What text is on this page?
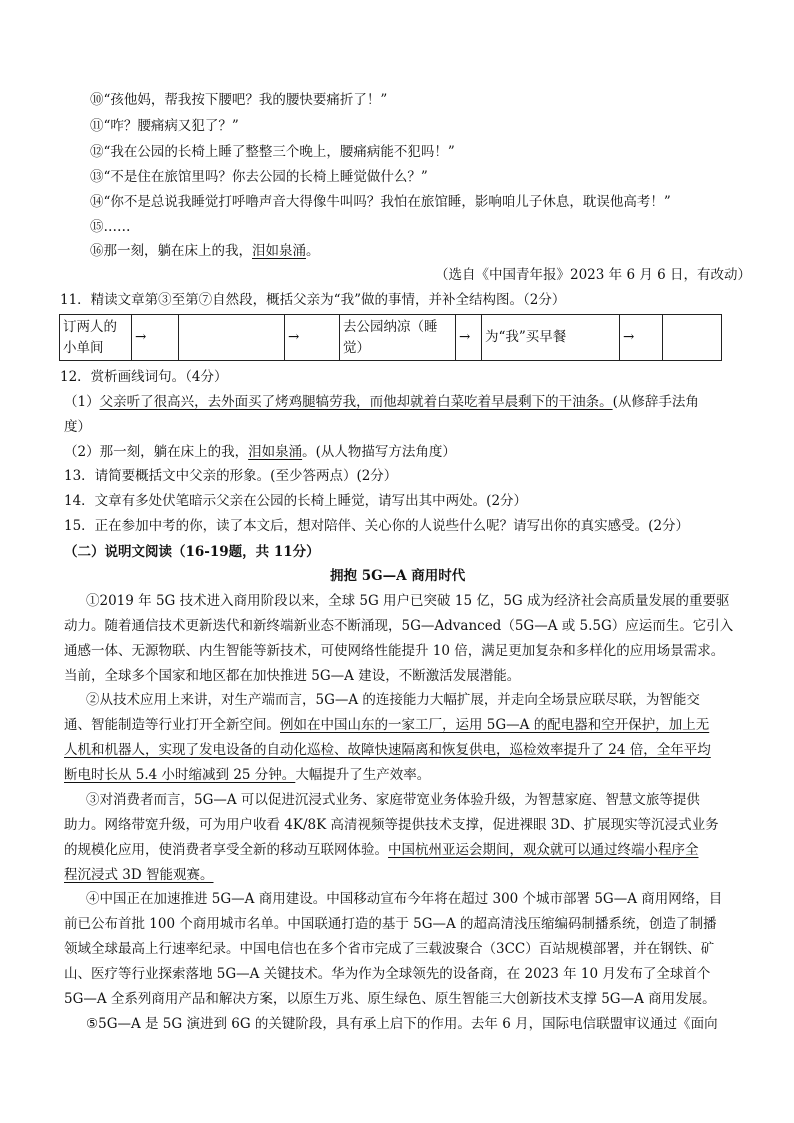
⑩“孩他妈，帮我按下腰吧？我的腰快要痛折了！”
⑪“咋？腰痛病又犯了？”
⑫“我在公园的长椅上睡了整整三个晚上，腰痛病能不犯吗！”
⑬“不是住在旅馆里吗？你去公园的长椅上睡觉做什么？”
⑭“你不是总说我睡觉打呼噜声音大得像牛叫吗？我怕在旅馆睡，影响咱儿子休息，耽误他高考！”
⑮……
⑯那一刻，躺在床上的我，泪如泉涌。
（选自《中国青年报》2023 年 6 月 6 日，有改动）
11．精读文章第③至第⑦自然段，概括父亲为“我”做的事情，并补全结构图。（2分）
订两人的小单间	→		→	去公园纳凉（睡觉）	→	为“我”买早餐	→	
12．赏析画线词句。（4分）
（1）父亲听了很高兴，去外面买了烤鸡腿犒劳我，而他却就着白菜吃着早晨剩下的干油条。(从修辞手法角
度）
（2）那一刻，躺在床上的我，泪如泉涌。(从人物描写方法角度）
13．请简要概括文中父亲的形象。(至少答两点）(2分）
14．文章有多处伏笔暗示父亲在公园的长椅上睡觉，请写出其中两处。(2分）
15．正在参加中考的你，读了本文后，想对陪伴、关心你的人说些什么呢？请写出你的真实感受。(2分）
（二）说明文阅读（16-19题，共 11分）
拥抱 5G—A 商用时代
①2019 年 5G 技术进入商用阶段以来，全球 5G 用户已突破 15 亿，5G 成为经济社会高质量发展的重要驱
动力。随着通信技术更新迭代和新终端新业态不断涌现，5G—Advanced（5G—A 或 5.5G）应运而生。它引入
通感一体、无源物联、内生智能等新技术，可使网络性能提升 10 倍，满足更加复杂和多样化的应用场景需求。
当前，全球多个国家和地区都在加快推进 5G—A 建设，不断激活发展潜能。
②从技术应用上来讲，对生产端而言，5G—A 的连接能力大幅扩展，并走向全场景应联尽联，为智能交
通、智能制造等行业打开全新空间。例如在中国山东的一家工厂，运用 5G—A 的配电器和空开保护，加上无
人机和机器人，实现了发电设备的自动化巡检、故障快速隔离和恢复供电，巡检效率提升了 24 倍，全年平均
断电时长从 5.4 小时缩减到 25 分钟。大幅提升了生产效率。
③对消费者而言，5G—A 可以促进沉浸式业务、家庭带宽业务体验升级，为智慧家庭、智慧文旅等提供
助力。网络带宽升级，可为用户收看 4K/8K 高清视频等提供技术支撑，促进裸眼 3D、扩展现实等沉浸式业务
的规模化应用，使消费者享受全新的移动互联网体验。中国杭州亚运会期间，观众就可以通过终端小程序全
程沉浸式 3D 智能观赛。
④中国正在加速推进 5G—A 商用建设。中国移动宣布今年将在超过 300 个城市部署 5G—A 商用网络，目
前已公布首批 100 个商用城市名单。中国联通打造的基于 5G—A 的超高清浅压缩编码制播系统，创造了制播
领域全球最高上行速率纪录。中国电信也在多个省市完成了三载波聚合（3CC）百站规模部署，并在钢铁、矿
山、医疗等行业探索落地 5G—A 关键技术。华为作为全球领先的设备商，在 2023 年 10 月发布了全球首个
5G—A 全系列商用产品和解决方案，以原生万兆、原生绿色、原生智能三大创新技术支撑 5G—A 商用发展。
⑤5G—A 是 5G 演进到 6G 的关键阶段，具有承上启下的作用。去年 6 月，国际电信联盟审议通过《面向
